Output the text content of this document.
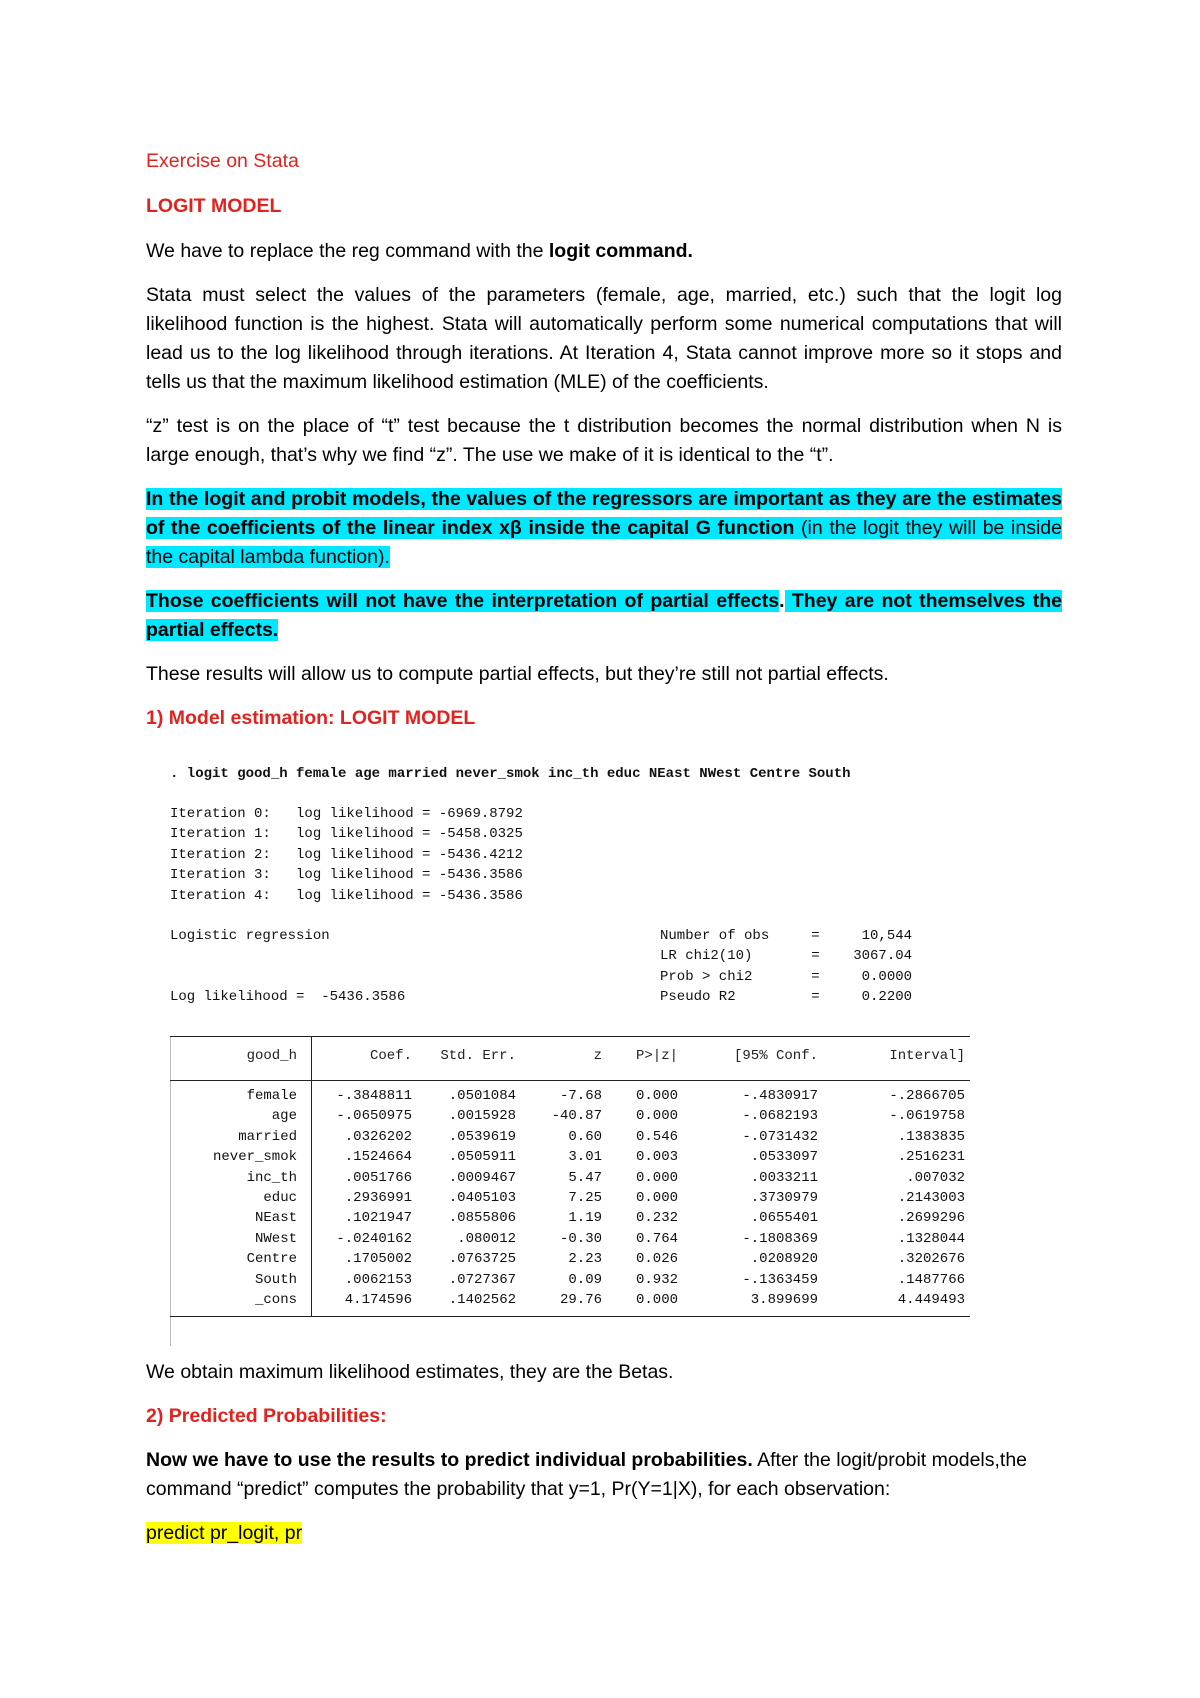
Exercise on Stata

LOGIT MODEL

We have to replace the reg command with the logit command.

Stata must select the values of the parameters (female, age, married, etc.) such that the logit log likelihood function is the highest. Stata will automatically perform some numerical computations that will lead us to the log likelihood through iterations. At Iteration 4, Stata cannot improve more so it stops and tells us that the maximum likelihood estimation (MLE) of the coefficients.

“z” test is on the place of “t” test because the t distribution becomes the normal distribution when N is large enough, that’s why we find “z”. The use we make of it is identical to the “t”.

In the logit and probit models, the values of the regressors are important as they are the estimates of the coefficients of the linear index xβ inside the capital G function (in the logit they will be inside the capital lambda function).

Those coefficients will not have the interpretation of partial effects. They are not themselves the partial effects.

These results will allow us to compute partial effects, but they’re still not partial effects.

1) Model estimation: LOGIT MODEL

. logit good_h female age married never_smok inc_th educ NEast NWest Centre South
Iteration 0:   log likelihood = -6969.8792
Iteration 1:   log likelihood = -5458.0325
Iteration 2:   log likelihood = -5436.4212
Iteration 3:   log likelihood = -5436.3586
Iteration 4:   log likelihood = -5436.3586
Logistic regression

Log likelihood =  -5436.3586
Number of obs     =     10,544
LR chi2(10)       =    3067.04
Prob > chi2       =     0.0000
Pseudo R2         =     0.2200
good_h	Coef.	Std. Err.	z	P>|z|	[95% Conf.	Interval]
female	-.3848811	.0501084	-7.68	0.000	-.4830917	-.2866705
age	-.0650975	.0015928	-40.87	0.000	-.0682193	-.0619758
married	.0326202	.0539619	0.60	0.546	-.0731432	.1383835
never_smok	.1524664	.0505911	3.01	0.003	.0533097	.2516231
inc_th	.0051766	.0009467	5.47	0.000	.0033211	.007032
educ	.2936991	.0405103	7.25	0.000	.3730979	.2143003
NEast	.1021947	.0855806	1.19	0.232	.0655401	.2699296
NWest	-.0240162	.080012	-0.30	0.764	-.1808369	.1328044
Centre	.1705002	.0763725	2.23	0.026	.0208920	.3202676
South	.0062153	.0727367	0.09	0.932	-.1363459	.1487766
_cons	4.174596	.1402562	29.76	0.000	3.899699	4.449493

We obtain maximum likelihood estimates, they are the Betas.

2) Predicted Probabilities:

Now we have to use the results to predict individual probabilities. After the logit/probit models,the command “predict” computes the probability that y=1, Pr(Y=1|X), for each observation:

predict pr_logit, pr
